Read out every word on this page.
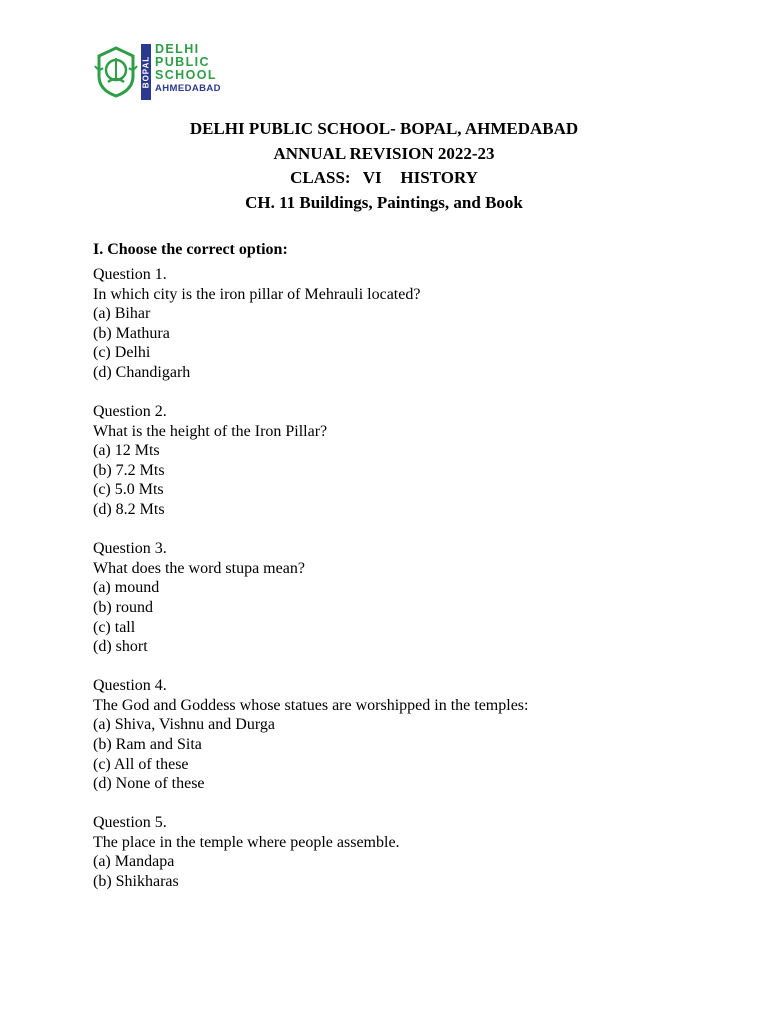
BOPAL
DELHI
PUBLIC
SCHOOL
AHMEDABAD
DELHI PUBLIC SCHOOL- BOPAL, AHMEDABAD
ANNUAL REVISION 2022-23
CLASS:  VI   HISTORY
CH. 11 Buildings, Paintings, and Book
I. Choose the correct option:
Question 1.
In which city is the iron pillar of Mehrauli located?
(a) Bihar
(b) Mathura
(c) Delhi
(d) Chandigarh
Question 2.
What is the height of the Iron Pillar?
(a) 12 Mts
(b) 7.2 Mts
(c) 5.0 Mts
(d) 8.2 Mts
Question 3.
What does the word stupa mean?
(a) mound
(b) round
(c) tall
(d) short
Question 4.
The God and Goddess whose statues are worshipped in the temples:
(a) Shiva, Vishnu and Durga
(b) Ram and Sita
(c) All of these
(d) None of these
Question 5.
The place in the temple where people assemble.
(a) Mandapa
(b) Shikharas
